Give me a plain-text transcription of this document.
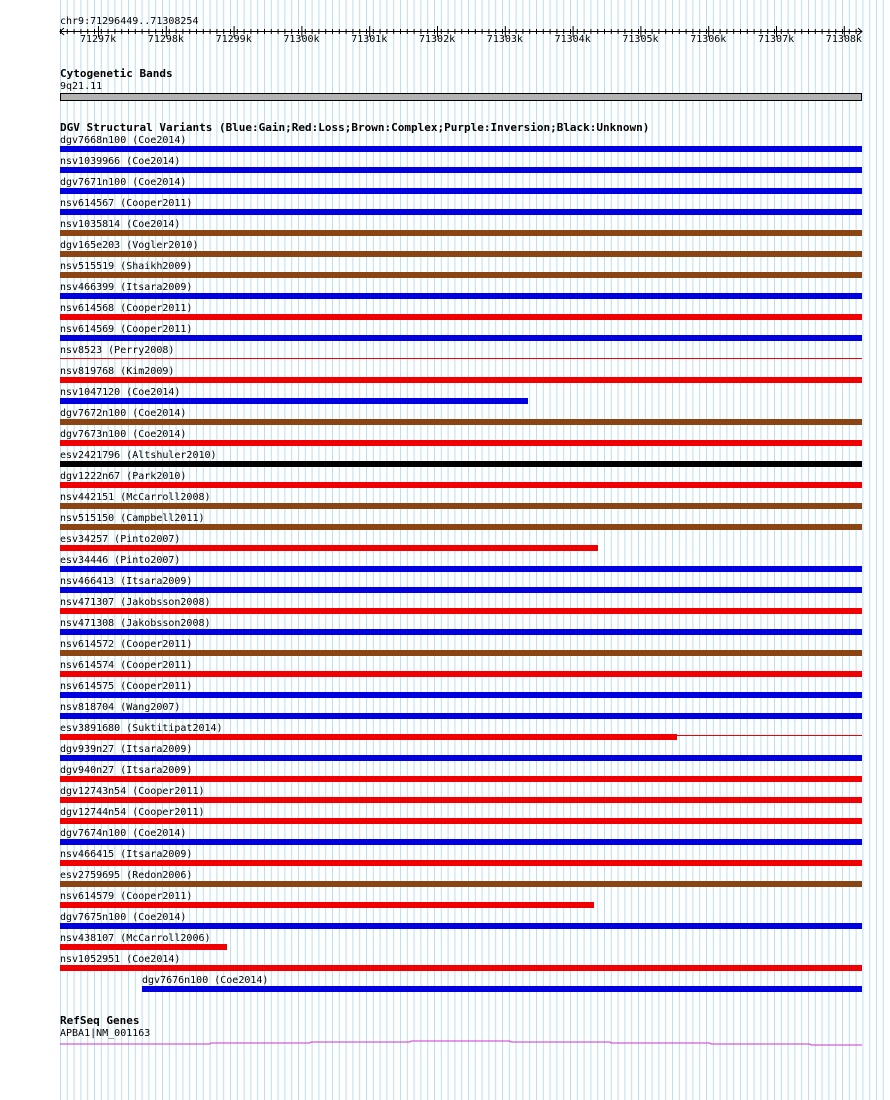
chr9:71296449..71308254
71297k	71298k	71299k	71300k	71301k	71302k	71303k	71304k	71305k	71306k	71307k	71308k
Cytogenetic Bands
9q21.11
DGV Structural Variants (Blue:Gain;Red:Loss;Brown:Complex;Purple:Inversion;Black:Unknown)
dgv7668n100 (Coe2014)
nsv1039966 (Coe2014)
dgv7671n100 (Coe2014)
nsv614567 (Cooper2011)
nsv1035814 (Coe2014)
dgv165e203 (Vogler2010)
nsv515519 (Shaikh2009)
nsv466399 (Itsara2009)
nsv614568 (Cooper2011)
nsv614569 (Cooper2011)
nsv8523 (Perry2008)
nsv819768 (Kim2009)
nsv1047120 (Coe2014)
dgv7672n100 (Coe2014)
dgv7673n100 (Coe2014)
esv2421796 (Altshuler2010)
dgv1222n67 (Park2010)
nsv442151 (McCarroll2008)
nsv515150 (Campbell2011)
esv34257 (Pinto2007)
esv34446 (Pinto2007)
nsv466413 (Itsara2009)
nsv471307 (Jakobsson2008)
nsv471308 (Jakobsson2008)
nsv614572 (Cooper2011)
nsv614574 (Cooper2011)
nsv614575 (Cooper2011)
nsv818704 (Wang2007)
esv3891680 (Suktitipat2014)
dgv939n27 (Itsara2009)
dgv940n27 (Itsara2009)
dgv12743n54 (Cooper2011)
dgv12744n54 (Cooper2011)
dgv7674n100 (Coe2014)
nsv466415 (Itsara2009)
esv2759695 (Redon2006)
nsv614579 (Cooper2011)
dgv7675n100 (Coe2014)
nsv438107 (McCarroll2006)
nsv1052951 (Coe2014)
dgv7676n100 (Coe2014)
RefSeq Genes
APBA1|NM_001163
